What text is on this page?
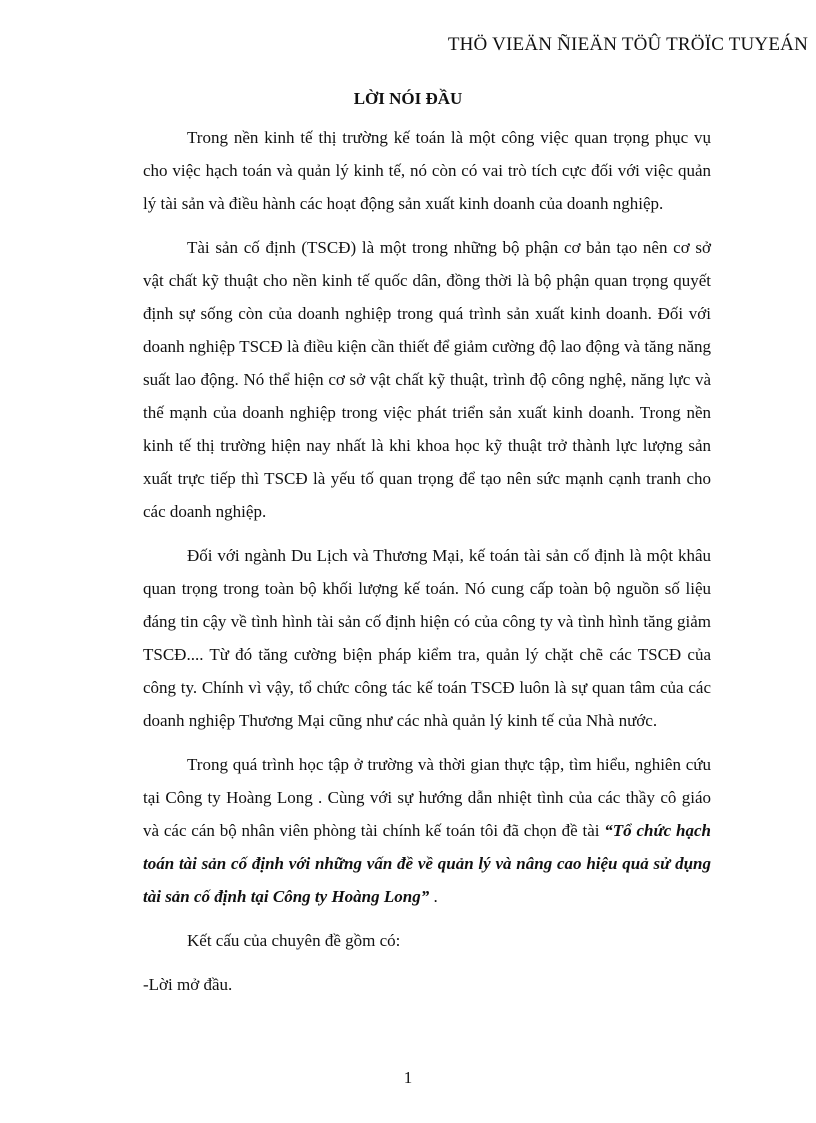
THÖ VIEÄN ÑIEÄN TÖÛ TRÖÏC TUYEÁN
LỜI NÓI ĐẦU

Trong nền kinh tế thị trường kế toán là một công việc quan trọng phục vụ cho việc hạch toán và quản lý kinh tế, nó còn có vai trò tích cực đối với việc quản lý tài sản và điều hành các hoạt động sản xuất kinh doanh của doanh nghiệp.

Tài sản cố định (TSCĐ) là một trong những bộ phận cơ bản tạo nên cơ sở vật chất kỹ thuật cho nền kinh tế quốc dân, đồng thời là bộ phận quan trọng quyết định sự sống còn của doanh nghiệp trong quá trình sản xuất kinh doanh. Đối với doanh nghiệp TSCĐ là điều kiện cần thiết để giảm cường độ lao động và tăng năng suất lao động. Nó thể hiện cơ sở vật chất kỹ thuật, trình độ công nghệ, năng lực và thế mạnh của doanh nghiệp trong việc phát triển sản xuất kinh doanh. Trong nền kinh tế thị trường hiện nay nhất là khi khoa học kỹ thuật trở thành lực lượng sản xuất trực tiếp thì TSCĐ là yếu tố quan trọng để tạo nên sức mạnh cạnh tranh cho các doanh nghiệp.

Đối với ngành Du Lịch và Thương Mại, kế toán tài sản cố định là một khâu quan trọng trong toàn bộ khối lượng kế toán. Nó cung cấp toàn bộ nguồn số liệu đáng tin cậy về tình hình tài sản cố định hiện có của công ty và tình hình tăng giảm TSCĐ.... Từ đó tăng cường biện pháp kiểm tra, quản lý chặt chẽ các TSCĐ của công ty. Chính vì vậy, tổ chức công tác kế toán TSCĐ luôn là sự quan tâm của các doanh nghiệp Thương Mại cũng như các nhà quản lý kinh tế của Nhà nước.

Trong quá trình học tập ở trường và thời gian thực tập, tìm hiểu, nghiên cứu tại Công ty Hoàng Long . Cùng với sự hướng dẫn nhiệt tình của các thầy cô giáo và các cán bộ nhân viên phòng tài chính kế toán tôi đã chọn đề tài “Tổ chức hạch toán tài sản cố định với những vấn đề về quản lý và nâng cao hiệu quả sử dụng tài sản cố định tại Công ty Hoàng Long” .

Kết cấu của chuyên đề gồm có:

-Lời mở đầu.

1
